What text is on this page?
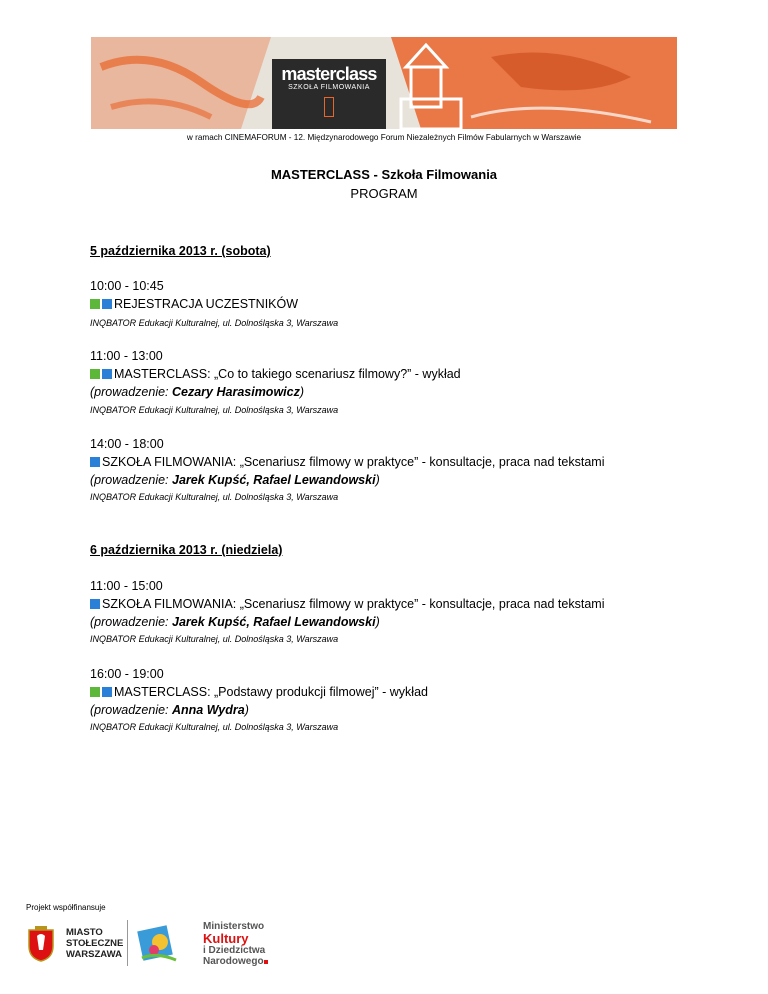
masterclass
SZKOŁA FILMOWANIA
w ramach CINEMAFORUM - 12. Międzynarodowego Forum Niezależnych Filmów Fabularnych w Warszawie
MASTERCLASS - Szkoła Filmowania
PROGRAM
5 października 2013 r. (sobota)
10:00 - 10:45
REJESTRACJA UCZESTNIKÓW
INQBATOR Edukacji Kulturalnej, ul. Dolnośląska 3, Warszawa
11:00 - 13:00
MASTERCLASS: „Co to takiego scenariusz filmowy?” - wykład
(prowadzenie: Cezary Harasimowicz)
INQBATOR Edukacji Kulturalnej, ul. Dolnośląska 3, Warszawa
14:00 - 18:00
SZKOŁA FILMOWANIA: „Scenariusz filmowy w praktyce” - konsultacje, praca nad tekstami
(prowadzenie: Jarek Kupść, Rafael Lewandowski)
INQBATOR Edukacji Kulturalnej, ul. Dolnośląska 3, Warszawa
6 października 2013 r. (niedziela)
11:00 - 15:00
SZKOŁA FILMOWANIA: „Scenariusz filmowy w praktyce” - konsultacje, praca nad tekstami
(prowadzenie: Jarek Kupść, Rafael Lewandowski)
INQBATOR Edukacji Kulturalnej, ul. Dolnośląska 3, Warszawa
16:00 - 19:00
MASTERCLASS: „Podstawy produkcji filmowej” - wykład
(prowadzenie: Anna Wydra)
INQBATOR Edukacji Kulturalnej, ul. Dolnośląska 3, Warszawa
Projekt współfinansuje
MIASTO
STOŁECZNE
WARSZAWA
Ministerstwo
Kultury
i Dziedzictwa
Narodowego
